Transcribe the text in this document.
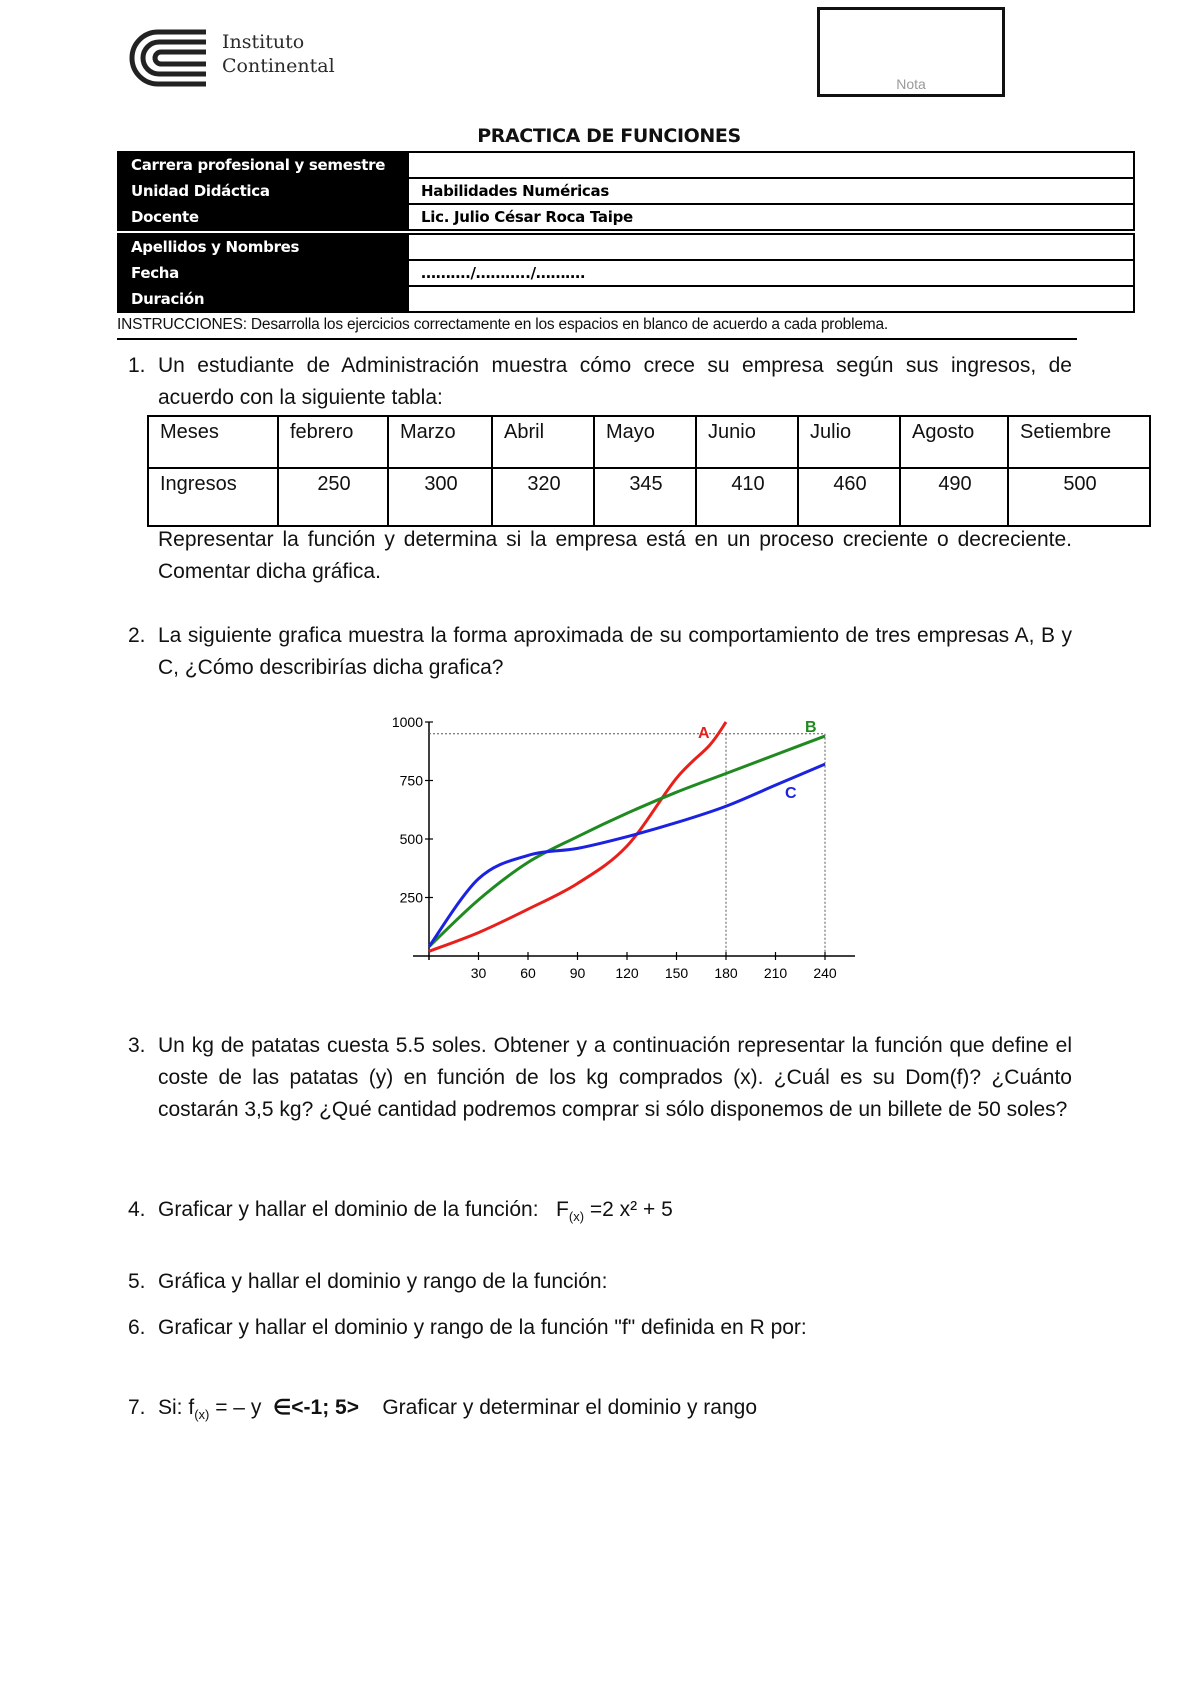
Instituto
Continental
Nota
PRACTICA DE FUNCIONES
Carrera profesional y semestre	
Unidad Didáctica	Habilidades Numéricas
Docente	Lic. Julio César Roca Taipe

Apellidos y Nombres	
Fecha	………./………../……….
Duración	
INSTRUCCIONES: Desarrolla los ejercicios correctamente en los espacios en blanco de acuerdo a cada problema.
1. Un estudiante de Administración muestra cómo crece su empresa según sus ingresos, de acuerdo con la siguiente tabla:
Meses	febrero	Marzo	Abril	Mayo	Junio	Julio	Agosto	Setiembre
Ingresos	250	300	320	345	410	460	490	500
Representar la función y determina si la empresa está en un proceso creciente o decreciente. Comentar dicha gráfica.
2. La siguiente grafica muestra la forma aproximada de su comportamiento de tres empresas A, B y C, ¿Cómo describirías dicha grafica?
250
500
750
1000
30 60 90 120 150 180 210 240
A	B
C
3. Un kg de patatas cuesta 5.5 soles. Obtener y a continuación representar la función que define el coste de las patatas (y) en función de los kg comprados (x). ¿Cuál es su Dom(f)? ¿Cuánto costarán 3,5 kg? ¿Qué cantidad podremos comprar si sólo disponemos de un billete de 50 soles?
4. Graficar y hallar el dominio de la función: $F_{(x)} =2$ x² + 5
5. Gráfica y hallar el dominio y rango de la función:
6. Graficar y hallar el dominio y rango de la función "f" definida en R por:
7. Si: $f_{(x)}$ = – y ∈<-1; 5> Graficar y determinar el dominio y rango
